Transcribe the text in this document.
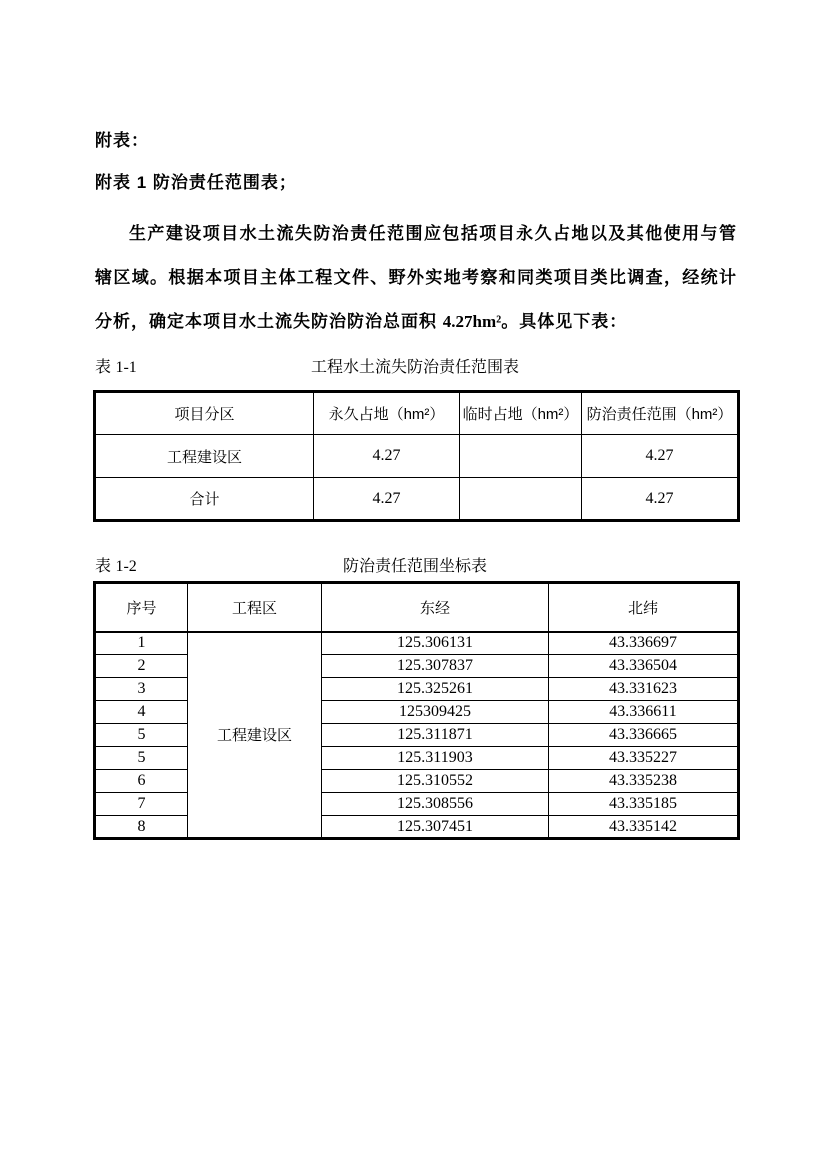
附表：
附表 1 防治责任范围表；

生产建设项目水土流失防治责任范围应包括项目永久占地以及其他使用与管辖区域。根据本项目主体工程文件、野外实地考察和同类项目类比调查，经统计分析，确定本项目水土流失防治防治总面积 4.27hm²。具体见下表：

表 1-1	工程水土流失防治责任范围表
项目分区	永久占地（hm²）	临时占地（hm²）	防治责任范围（hm²）
工程建设区	4.27		4.27
合计	4.27		4.27
表 1-2	防治责任范围坐标表
序号	工程区	东经	北纬
1	工程建设区	125.306131	43.336697
2		125.307837	43.336504
3		125.325261	43.331623
4		125309425	43.336611
5		125.311871	43.336665
5		125.311903	43.335227
6		125.310552	43.335238
7		125.308556	43.335185
8		125.307451	43.335142
